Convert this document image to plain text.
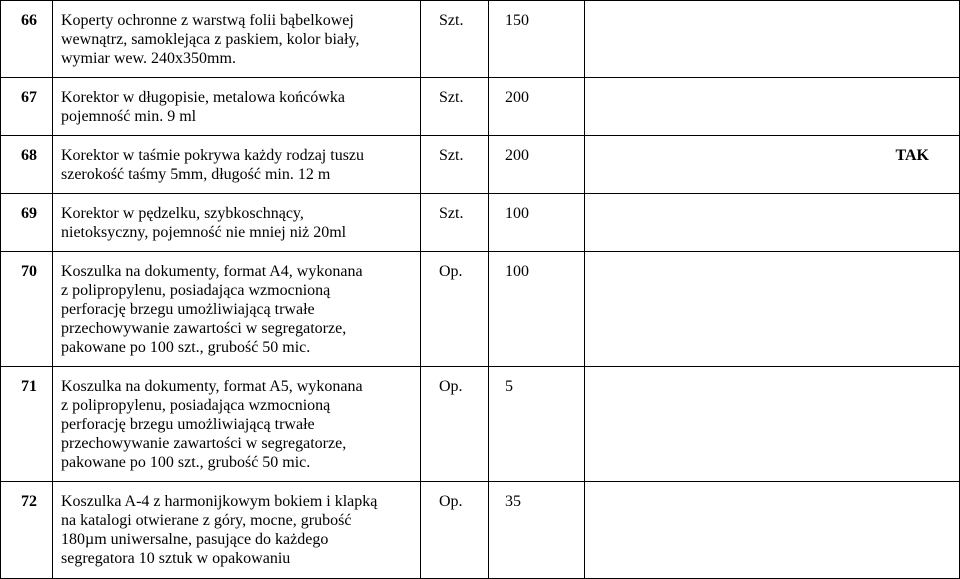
66	Koperty ochronne z warstwą folii bąbelkowej
wewnątrz, samoklejąca z paskiem, kolor biały,
wymiar wew. 240x350mm.	Szt.	150	

67	Korektor w długopisie, metalowa końcówka
pojemność min. 9 ml	Szt.	200	

68	Korektor w taśmie pokrywa każdy rodzaj tuszu
szerokość taśmy 5mm, długość min. 12 m	Szt.	200	TAK

69	Korektor w pędzelku, szybkoschnący,
nietoksyczny, pojemność nie mniej niż 20ml	Szt.	100	

70	Koszulka na dokumenty, format A4, wykonana
z polipropylenu, posiadająca wzmocnioną
perforację brzegu umożliwiającą trwałe
przechowywanie zawartości w segregatorze,
pakowane po 100 szt., grubość 50 mic.	Op.	100	

71	Koszulka na dokumenty, format A5, wykonana
z polipropylenu, posiadająca wzmocnioną
perforację brzegu umożliwiającą trwałe
przechowywanie zawartości w segregatorze,
pakowane po 100 szt., grubość 50 mic.	Op.	5	

72	Koszulka A-4 z harmonijkowym bokiem i klapką
na katalogi otwierane z góry, mocne, grubość
180µm uniwersalne, pasujące do każdego
segregatora 10 sztuk w opakowaniu	Op.	35	
